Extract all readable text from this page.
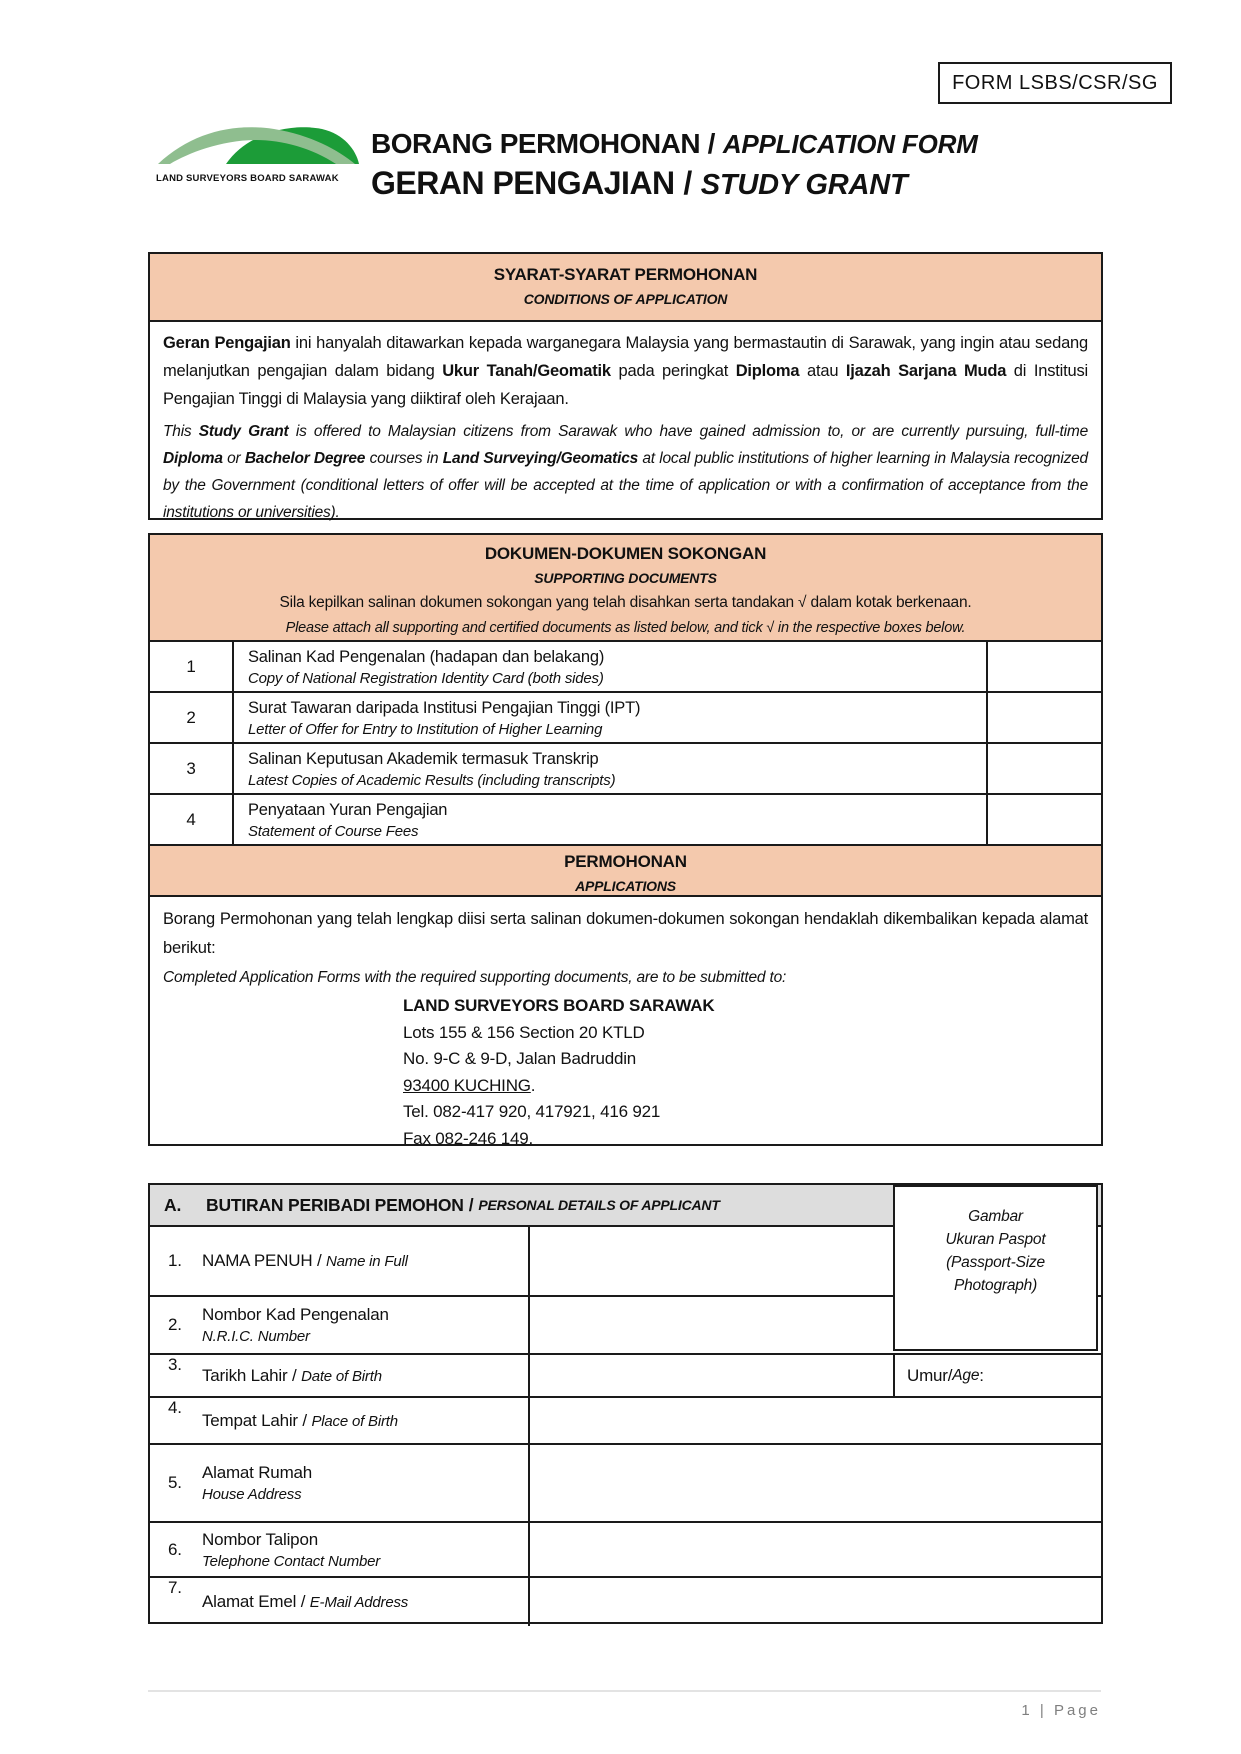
FORM LSBS/CSR/SG
LAND SURVEYORS BOARD SARAWAK
BORANG PERMOHONAN / APPLICATION FORM
GERAN PENGAJIAN / STUDY GRANT
SYARAT-SYARAT PERMOHONAN
CONDITIONS OF APPLICATION
Geran Pengajian ini hanyalah ditawarkan kepada warganegara Malaysia yang bermastautin di Sarawak, yang ingin atau sedang melanjutkan pengajian dalam bidang Ukur Tanah/Geomatik pada peringkat Diploma atau Ijazah Sarjana Muda di Institusi Pengajian Tinggi di Malaysia yang diiktiraf oleh Kerajaan.
This Study Grant is offered to Malaysian citizens from Sarawak who have gained admission to, or are currently pursuing, full-time Diploma or Bachelor Degree courses in Land Surveying/Geomatics at local public institutions of higher learning in Malaysia recognized by the Government (conditional letters of offer will be accepted at the time of application or with a confirmation of acceptance from the institutions or universities).
DOKUMEN-DOKUMEN SOKONGAN
SUPPORTING DOCUMENTS
Sila kepilkan salinan dokumen sokongan yang telah disahkan serta tandakan √ dalam kotak berkenaan.
Please attach all supporting and certified documents as listed below, and tick √ in the respective boxes below.
1	Salinan Kad Pengenalan (hadapan dan belakang)
Copy of National Registration Identity Card (both sides)
2	Surat Tawaran daripada Institusi Pengajian Tinggi (IPT)
Letter of Offer for Entry to Institution of Higher Learning
3	Salinan Keputusan Akademik termasuk Transkrip
Latest Copies of Academic Results (including transcripts)
4	Penyataan Yuran Pengajian
Statement of Course Fees
PERMOHONAN
APPLICATIONS
Borang Permohonan yang telah lengkap diisi serta salinan dokumen-dokumen sokongan hendaklah dikembalikan kepada alamat berikut:
Completed Application Forms with the required supporting documents, are to be submitted to:
LAND SURVEYORS BOARD SARAWAK
Lots 155 & 156 Section 20 KTLD
No. 9-C & 9-D, Jalan Badruddin
93400 KUCHING.
Tel. 082-417 920, 417921, 416 921
Fax 082-246 149.
A.	BUTIRAN PERIBADI PEMOHON / PERSONAL DETAILS OF APPLICANT
1.	NAMA PENUH / Name in Full
2.
Nombor Kad Pengenalan
N.R.I.C. Number
3.
Tarikh Lahir / Date of Birth	Umur / Age :
4.
Tempat Lahir / Place of Birth
5.
Alamat Rumah
House Address
6.
Nombor Talipon
Telephone Contact Number
7.
Alamat Emel / E-Mail Address
Gambar
Ukuran Paspot
(Passport-Size
Photograph)
1 | Page
